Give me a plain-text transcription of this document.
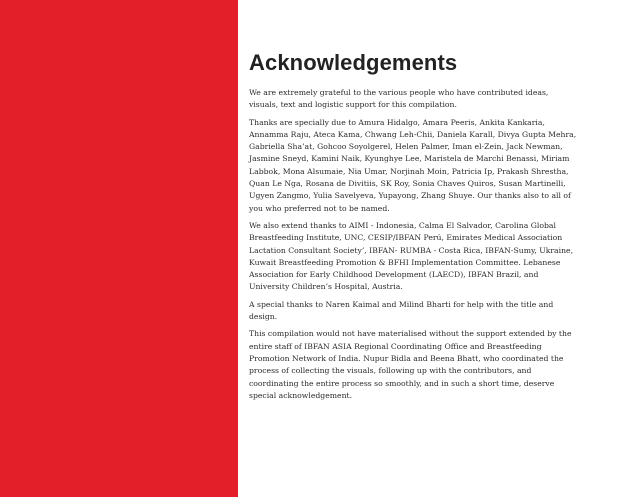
Acknowledgements

We are extremely grateful to the various people who have contributed ideas, visuals, text and logistic support for this compilation.

Thanks are specially due to Amura Hidalgo, Amara Peeris, Ankita Kankaria, Annamma Raju, Ateca Kama, Chwang Leh-Chii, Daniela Karall, Divya Gupta Mehra, Gabriella Sha’at, Gohcoo Soyolgerel, Helen Palmer, Iman el-Zein, Jack Newman, Jasmine Sneyd, Kamini Naik, Kyunghye Lee, Maristela de Marchi Benassi, Miriam Labbok, Mona Alsumaie, Nia Umar, Norjinah Moin, Patricia Ip, Prakash Shrestha, Quan Le Nga, Rosana de Divitiis, SK Roy, Sonia Chaves Quiros, Susan Martinelli, Ugyen Zangmo, Yulia Savelyeva, Yupayong, Zhang Shuye. Our thanks also to all of you who preferred not to be named.

We also extend thanks to AIMI - Indonesia, Calma El Salvador, Carolina Global Breastfeeding Institute, UNC, CESIP/IBFAN Perú, Emirates Medical Association Lactation Consultant Society’, IBFAN- RUMBA - Costa Rica, IBFAN-Sumy, Ukraine, Kuwait Breastfeeding Promotion & BFHI Implementation Committee. Lebanese Association for Early Childhood Development (LAECD), IBFAN Brazil, and University Children’s Hospital, Austria.

A special thanks to Naren Kaimal and Milind Bharti for help with the title and design.

This compilation would not have materialised without the support extended by the entire staff of IBFAN ASIA Regional Coordinating Office and Breastfeeding Promotion Network of India. Nupur Bidla and Beena Bhatt, who coordinated the process of collecting the visuals, following up with the contributors, and coordinating the entire process so smoothly, and in such a short time, deserve special acknowledgement.
